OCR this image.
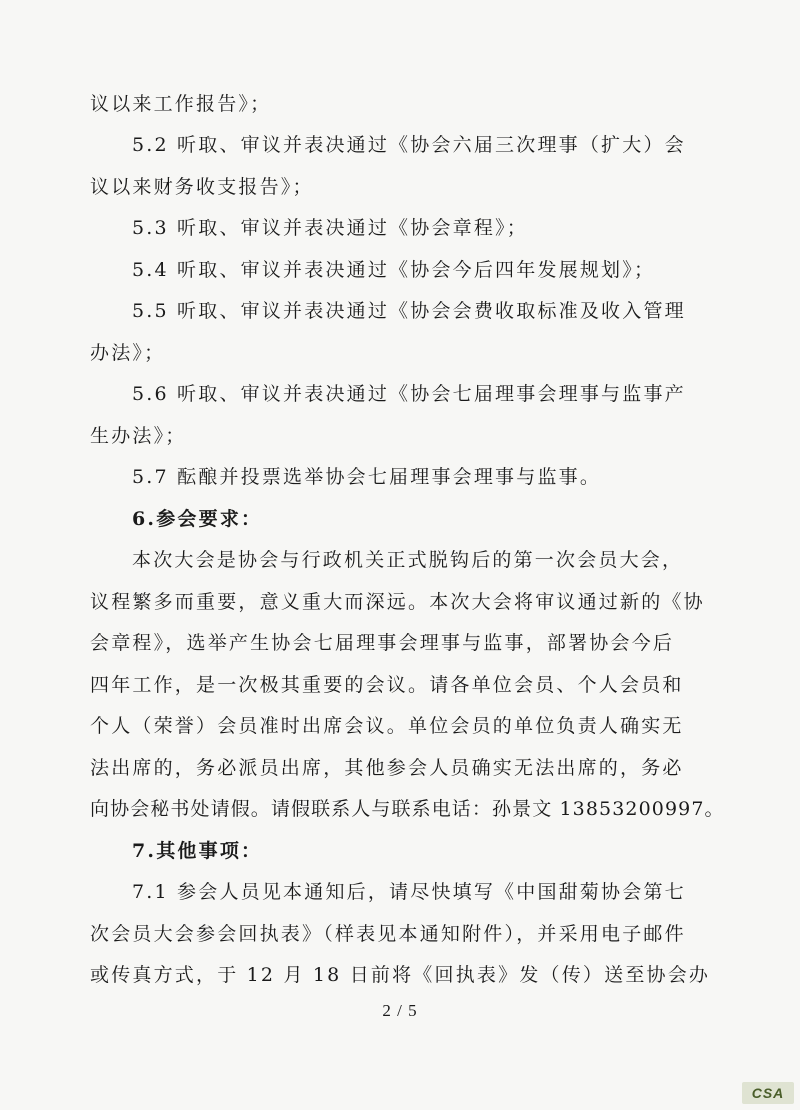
议以来工作报告》；
5.2 听取、审议并表决通过《协会六届三次理事（扩大）会
议以来财务收支报告》；
5.3 听取、审议并表决通过《协会章程》；
5.4 听取、审议并表决通过《协会今后四年发展规划》；
5.5 听取、审议并表决通过《协会会费收取标准及收入管理
办法》；
5.6 听取、审议并表决通过《协会七届理事会理事与监事产
生办法》；
5.7 酝酿并投票选举协会七届理事会理事与监事。
6.参会要求：
本次大会是协会与行政机关正式脱钩后的第一次会员大会，
议程繁多而重要，意义重大而深远。本次大会将审议通过新的《协
会章程》，选举产生协会七届理事会理事与监事，部署协会今后
四年工作，是一次极其重要的会议。请各单位会员、个人会员和
个人（荣誉）会员准时出席会议。单位会员的单位负责人确实无
法出席的，务必派员出席，其他参会人员确实无法出席的，务必
向协会秘书处请假。请假联系人与联系电话：孙景文 13853200997。
7.其他事项：
7.1 参会人员见本通知后，请尽快填写《中国甜菊协会第七
次会员大会参会回执表》（样表见本通知附件），并采用电子邮件
或传真方式，于 12 月 18 日前将《回执表》发（传）送至协会办
2 / 5
CSA
